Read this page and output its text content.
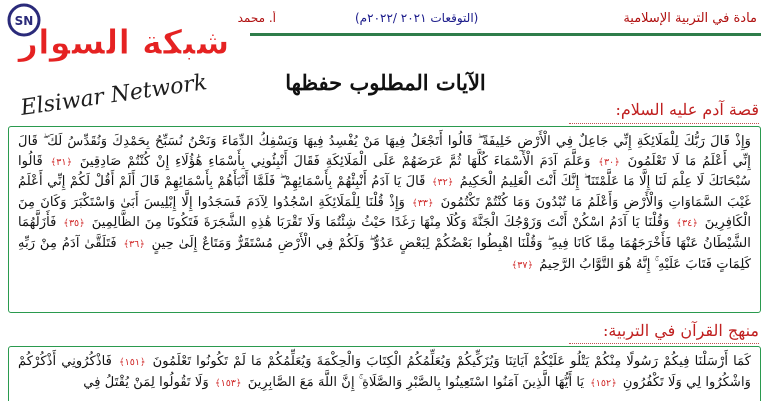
مادة في التربية الإسلامية
(التوقعات ٢٠٢١ /٢٠٢٢م)
أ. محمد
SN
شبكة السوار
Elsiwar Network	الآيات المطلوب حفظها
قصة آدم عليه السلام:
وَإِذْ قَالَ رَبُّكَ لِلْمَلَائِكَةِ إِنِّي جَاعِلٌ فِي الْأَرْضِ خَلِيفَةً ۖ قَالُوا أَتَجْعَلُ فِيهَا مَنْ يُفْسِدُ فِيهَا وَيَسْفِكُ الدِّمَاءَ وَنَحْنُ نُسَبِّحُ بِحَمْدِكَ وَنُقَدِّسُ لَكَ ۖ قَالَ إِنِّي أَعْلَمُ مَا لَا تَعْلَمُونَ ﴿٣٠﴾ وَعَلَّمَ آدَمَ الْأَسْمَاءَ كُلَّهَا ثُمَّ عَرَضَهُمْ عَلَى الْمَلَائِكَةِ فَقَالَ أَنْبِئُونِي بِأَسْمَاءِ هَٰؤُلَاءِ إِنْ كُنْتُمْ صَادِقِينَ ﴿٣١﴾ قَالُوا سُبْحَانَكَ لَا عِلْمَ لَنَا إِلَّا مَا عَلَّمْتَنَا ۖ إِنَّكَ أَنْتَ الْعَلِيمُ الْحَكِيمُ ﴿٣٢﴾ قَالَ يَا آدَمُ أَنْبِئْهُمْ بِأَسْمَائِهِمْ ۖ فَلَمَّا أَنْبَأَهُمْ بِأَسْمَائِهِمْ قَالَ أَلَمْ أَقُلْ لَكُمْ إِنِّي أَعْلَمُ غَيْبَ السَّمَاوَاتِ وَالْأَرْضِ وَأَعْلَمُ مَا تُبْدُونَ وَمَا كُنْتُمْ تَكْتُمُونَ ﴿٣٣﴾ وَإِذْ قُلْنَا لِلْمَلَائِكَةِ اسْجُدُوا لِآدَمَ فَسَجَدُوا إِلَّا إِبْلِيسَ أَبَىٰ وَاسْتَكْبَرَ وَكَانَ مِنَ الْكَافِرِينَ ﴿٣٤﴾ وَقُلْنَا يَا آدَمُ اسْكُنْ أَنْتَ وَزَوْجُكَ الْجَنَّةَ وَكُلَا مِنْهَا رَغَدًا حَيْثُ شِئْتُمَا وَلَا تَقْرَبَا هَٰذِهِ الشَّجَرَةَ فَتَكُونَا مِنَ الظَّالِمِينَ ﴿٣٥﴾ فَأَزَلَّهُمَا الشَّيْطَانُ عَنْهَا فَأَخْرَجَهُمَا مِمَّا كَانَا فِيهِ ۖ وَقُلْنَا اهْبِطُوا بَعْضُكُمْ لِبَعْضٍ عَدُوٌّ ۖ وَلَكُمْ فِي الْأَرْضِ مُسْتَقَرٌّ وَمَتَاعٌ إِلَىٰ حِينٍ ﴿٣٦﴾ فَتَلَقَّىٰ آدَمُ مِنْ رَبِّهِ كَلِمَاتٍ فَتَابَ عَلَيْهِ ۚ إِنَّهُ هُوَ التَّوَّابُ الرَّحِيمُ ﴿٣٧﴾
منهج القرآن في التربية:
كَمَا أَرْسَلْنَا فِيكُمْ رَسُولًا مِنْكُمْ يَتْلُو عَلَيْكُمْ آيَاتِنَا وَيُزَكِّيكُمْ وَيُعَلِّمُكُمُ الْكِتَابَ وَالْحِكْمَةَ وَيُعَلِّمُكُمْ مَا لَمْ تَكُونُوا تَعْلَمُونَ ﴿١٥١﴾ فَاذْكُرُونِي أَذْكُرْكُمْ وَاشْكُرُوا لِي وَلَا تَكْفُرُونِ ﴿١٥٢﴾ يَا أَيُّهَا الَّذِينَ آمَنُوا اسْتَعِينُوا بِالصَّبْرِ وَالصَّلَاةِ ۚ إِنَّ اللَّهَ مَعَ الصَّابِرِينَ ﴿١٥٣﴾ وَلَا تَقُولُوا لِمَنْ يُقْتَلُ فِي
